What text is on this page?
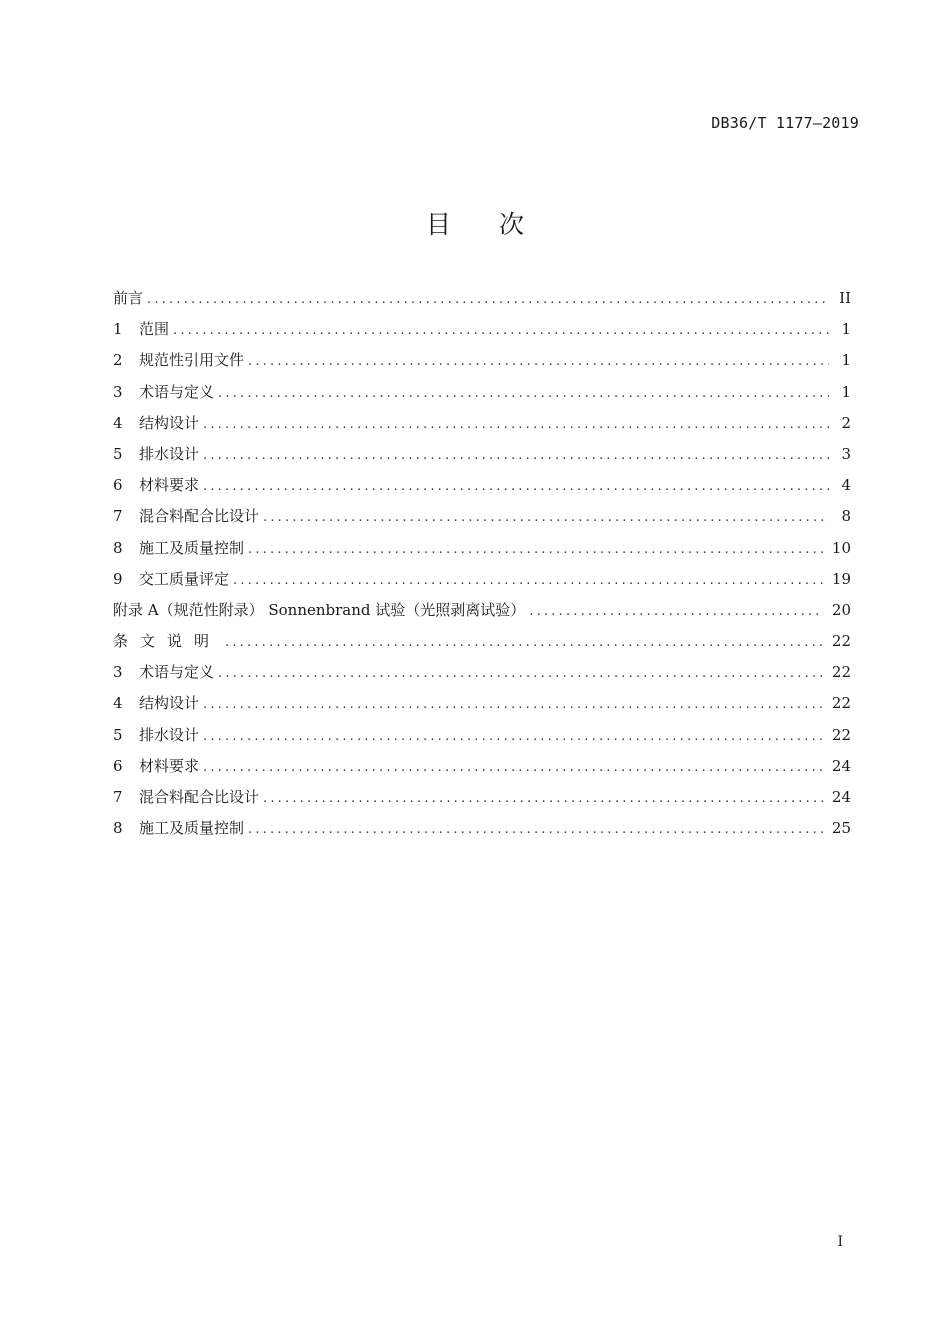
DB36/T 1177—2019
目次
前言 .....	II
1	范围 .....	1
2	规范性引用文件 .....	1
3	术语与定义 .....	1
4	结构设计 .....	2
5	排水设计 .....	3
6	材料要求 .....	4
7	混合料配合比设计 .....	8
8	施工及质量控制 .....	10
9	交工质量评定 .....	19
附录 A（规范性附录） Sonnenbrand 试验（光照剥离试验） .....	20
条文说明 .....	22
3	术语与定义 .....	22
4	结构设计 .....	22
5	排水设计 .....	22
6	材料要求 .....	24
7	混合料配合比设计 .....	24
8	施工及质量控制 .....	25
I
